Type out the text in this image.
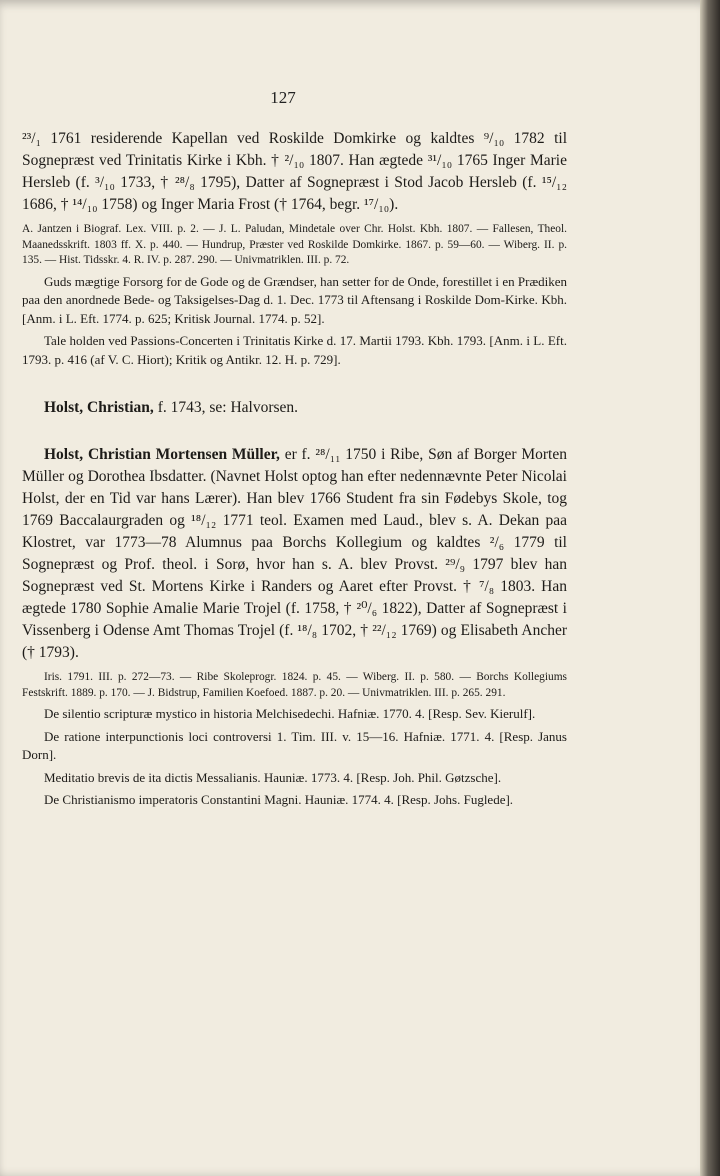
127

²³/₁ 1761 residerende Kapellan ved Roskilde Domkirke og kaldtes ⁹/₁₀ 1782 til Sognepræst ved Trinitatis Kirke i Kbh. † ²/₁₀ 1807. Han ægtede ³¹/₁₀ 1765 Inger Marie Hersleb (f. ³/₁₀ 1733, † ²⁸/₈ 1795), Datter af Sognepræst i Stod Jacob Hersleb (f. ¹⁵/₁₂ 1686, † ¹⁴/₁₀ 1758) og Inger Maria Frost († 1764, begr. ¹⁷/₁₀).

A. Jantzen i Biograf. Lex. VIII. p. 2. — J. L. Paludan, Mindetale over Chr. Holst. Kbh. 1807. — Fallesen, Theol. Maanedsskrift. 1803 ff. X. p. 440. — Hundrup, Præster ved Roskilde Domkirke. 1867. p. 59—60. — Wiberg. II. p. 135. — Hist. Tidsskr. 4. R. IV. p. 287. 290. — Univmatriklen. III. p. 72.

Guds mægtige Forsorg for de Gode og de Grændser, han setter for de Onde, forestillet i en Prædiken paa den anordnede Bede- og Taksigelses-Dag d. 1. Dec. 1773 til Aftensang i Roskilde Dom-Kirke. Kbh. [Anm. i L. Eft. 1774. p. 625; Kritisk Journal. 1774. p. 52].

Tale holden ved Passions-Concerten i Trinitatis Kirke d. 17. Martii 1793. Kbh. 1793. [Anm. i L. Eft. 1793. p. 416 (af V. C. Hiort); Kritik og Antikr. 12. H. p. 729].

Holst, Christian, f. 1743, se: Halvorsen.

Holst, Christian Mortensen Müller, er f. ²⁸/₁₁ 1750 i Ribe, Søn af Borger Morten Müller og Dorothea Ibsdatter. (Navnet Holst optog han efter nedennævnte Peter Nicolai Holst, der en Tid var hans Lærer). Han blev 1766 Student fra sin Fødebys Skole, tog 1769 Baccalaurgraden og ¹⁸/₁₂ 1771 teol. Examen med Laud., blev s. A. Dekan paa Klostret, var 1773—78 Alumnus paa Borchs Kollegium og kaldtes ²/₆ 1779 til Sognepræst og Prof. theol. i Sorø, hvor han s. A. blev Provst. ²⁹/₉ 1797 blev han Sognepræst ved St. Mortens Kirke i Randers og Aaret efter Provst. † ⁷/₈ 1803. Han ægtede 1780 Sophie Amalie Marie Trojel (f. 1758, † ²⁰/₆ 1822), Datter af Sognepræst i Vissenberg i Odense Amt Thomas Trojel (f. ¹⁸/₈ 1702, † ²²/₁₂ 1769) og Elisabeth Ancher († 1793).

Iris. 1791. III. p. 272—73. — Ribe Skoleprogr. 1824. p. 45. — Wiberg. II. p. 580. — Borchs Kollegiums Festskrift. 1889. p. 170. — J. Bidstrup, Familien Koefoed. 1887. p. 20. — Univmatriklen. III. p. 265. 291.

De silentio scripturæ mystico in historia Melchisedechi. Hafniæ. 1770. 4. [Resp. Sev. Kierulf].

De ratione interpunctionis loci controversi 1. Tim. III. v. 15—16. Hafniæ. 1771. 4. [Resp. Janus Dorn].

Meditatio brevis de ita dictis Messalianis. Hauniæ. 1773. 4. [Resp. Joh. Phil. Gøtzsche].

De Christianismo imperatoris Constantini Magni. Hauniæ. 1774. 4. [Resp. Johs. Fuglede].
